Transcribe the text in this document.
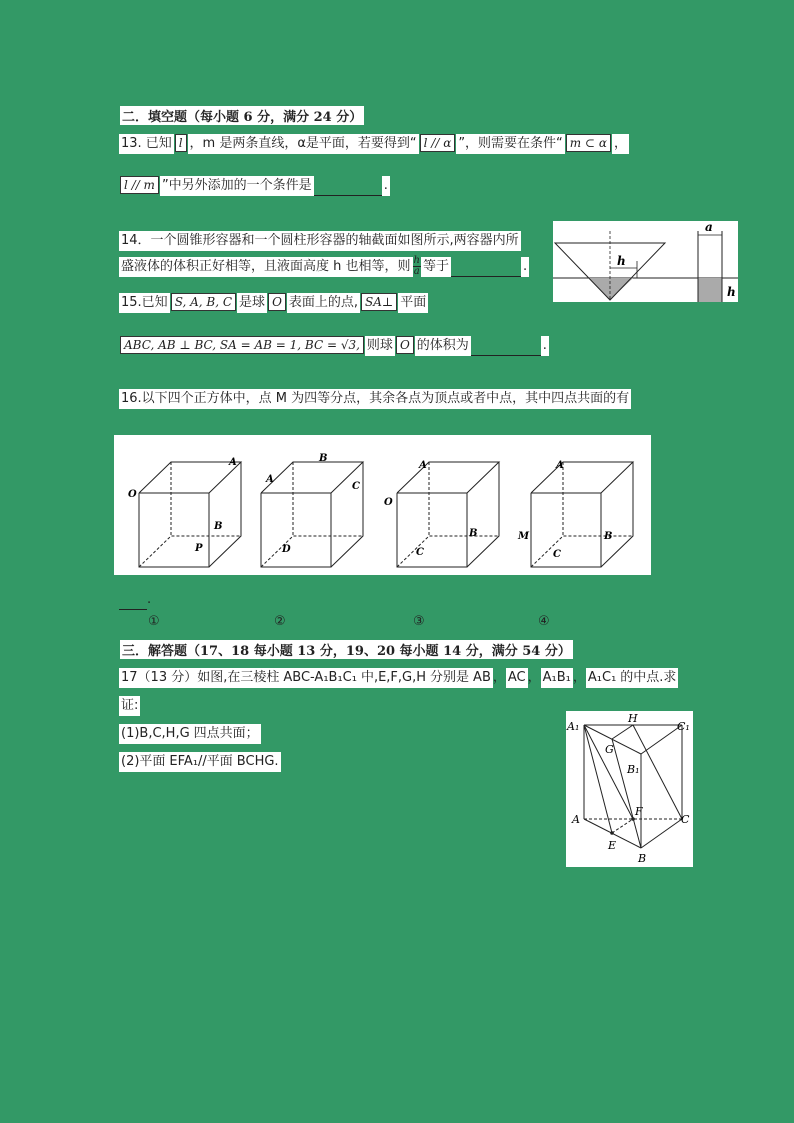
二．填空题（每小题 6 分，满分 24 分）
13. 已知 l ，m 是两条直线，α是平面，若要得到“ l // α ”，则需要在条件“ m ⊂ α ，
l // m ”中另外添加的一个条件是	.
14．一个圆锥形容器和一个圆柱形容器的轴截面如图所示,两容器内所
盛液体的体积正好相等，且液面高度 h 也相等，则 $\frac{h}{a}$ 等于	.	h
a
h
15.已知 S, A, B, C 是球 O 表面上的点, SA⊥ 平面
ABC, AB ⊥ BC, SA = AB = 1, BC = √3, 则球 O 的体积为	.
16.以下四个正方体中，点 M 为四等分点，其余各点为顶点或者中点，其中四点共面的有
A
O
B
P
B
A
C
D
A
O
B
C
A
M	B
C
.
①	②	③	④
三．解答题（17、18 每小题 13 分，19、20 每小题 14 分，满分 54 分）
17（13 分）如图,在三棱柱 ABC-A₁B₁C₁ 中,E,F,G,H 分别是 AB ， AC ， A₁B₁ ， A₁C₁ 的中点.求
证:
(1)B,C,H,G 四点共面；
(2)平面 EFA₁//平面 BCHG.
A₁
H
C₁
G
B₁
F
A	C
E
B
